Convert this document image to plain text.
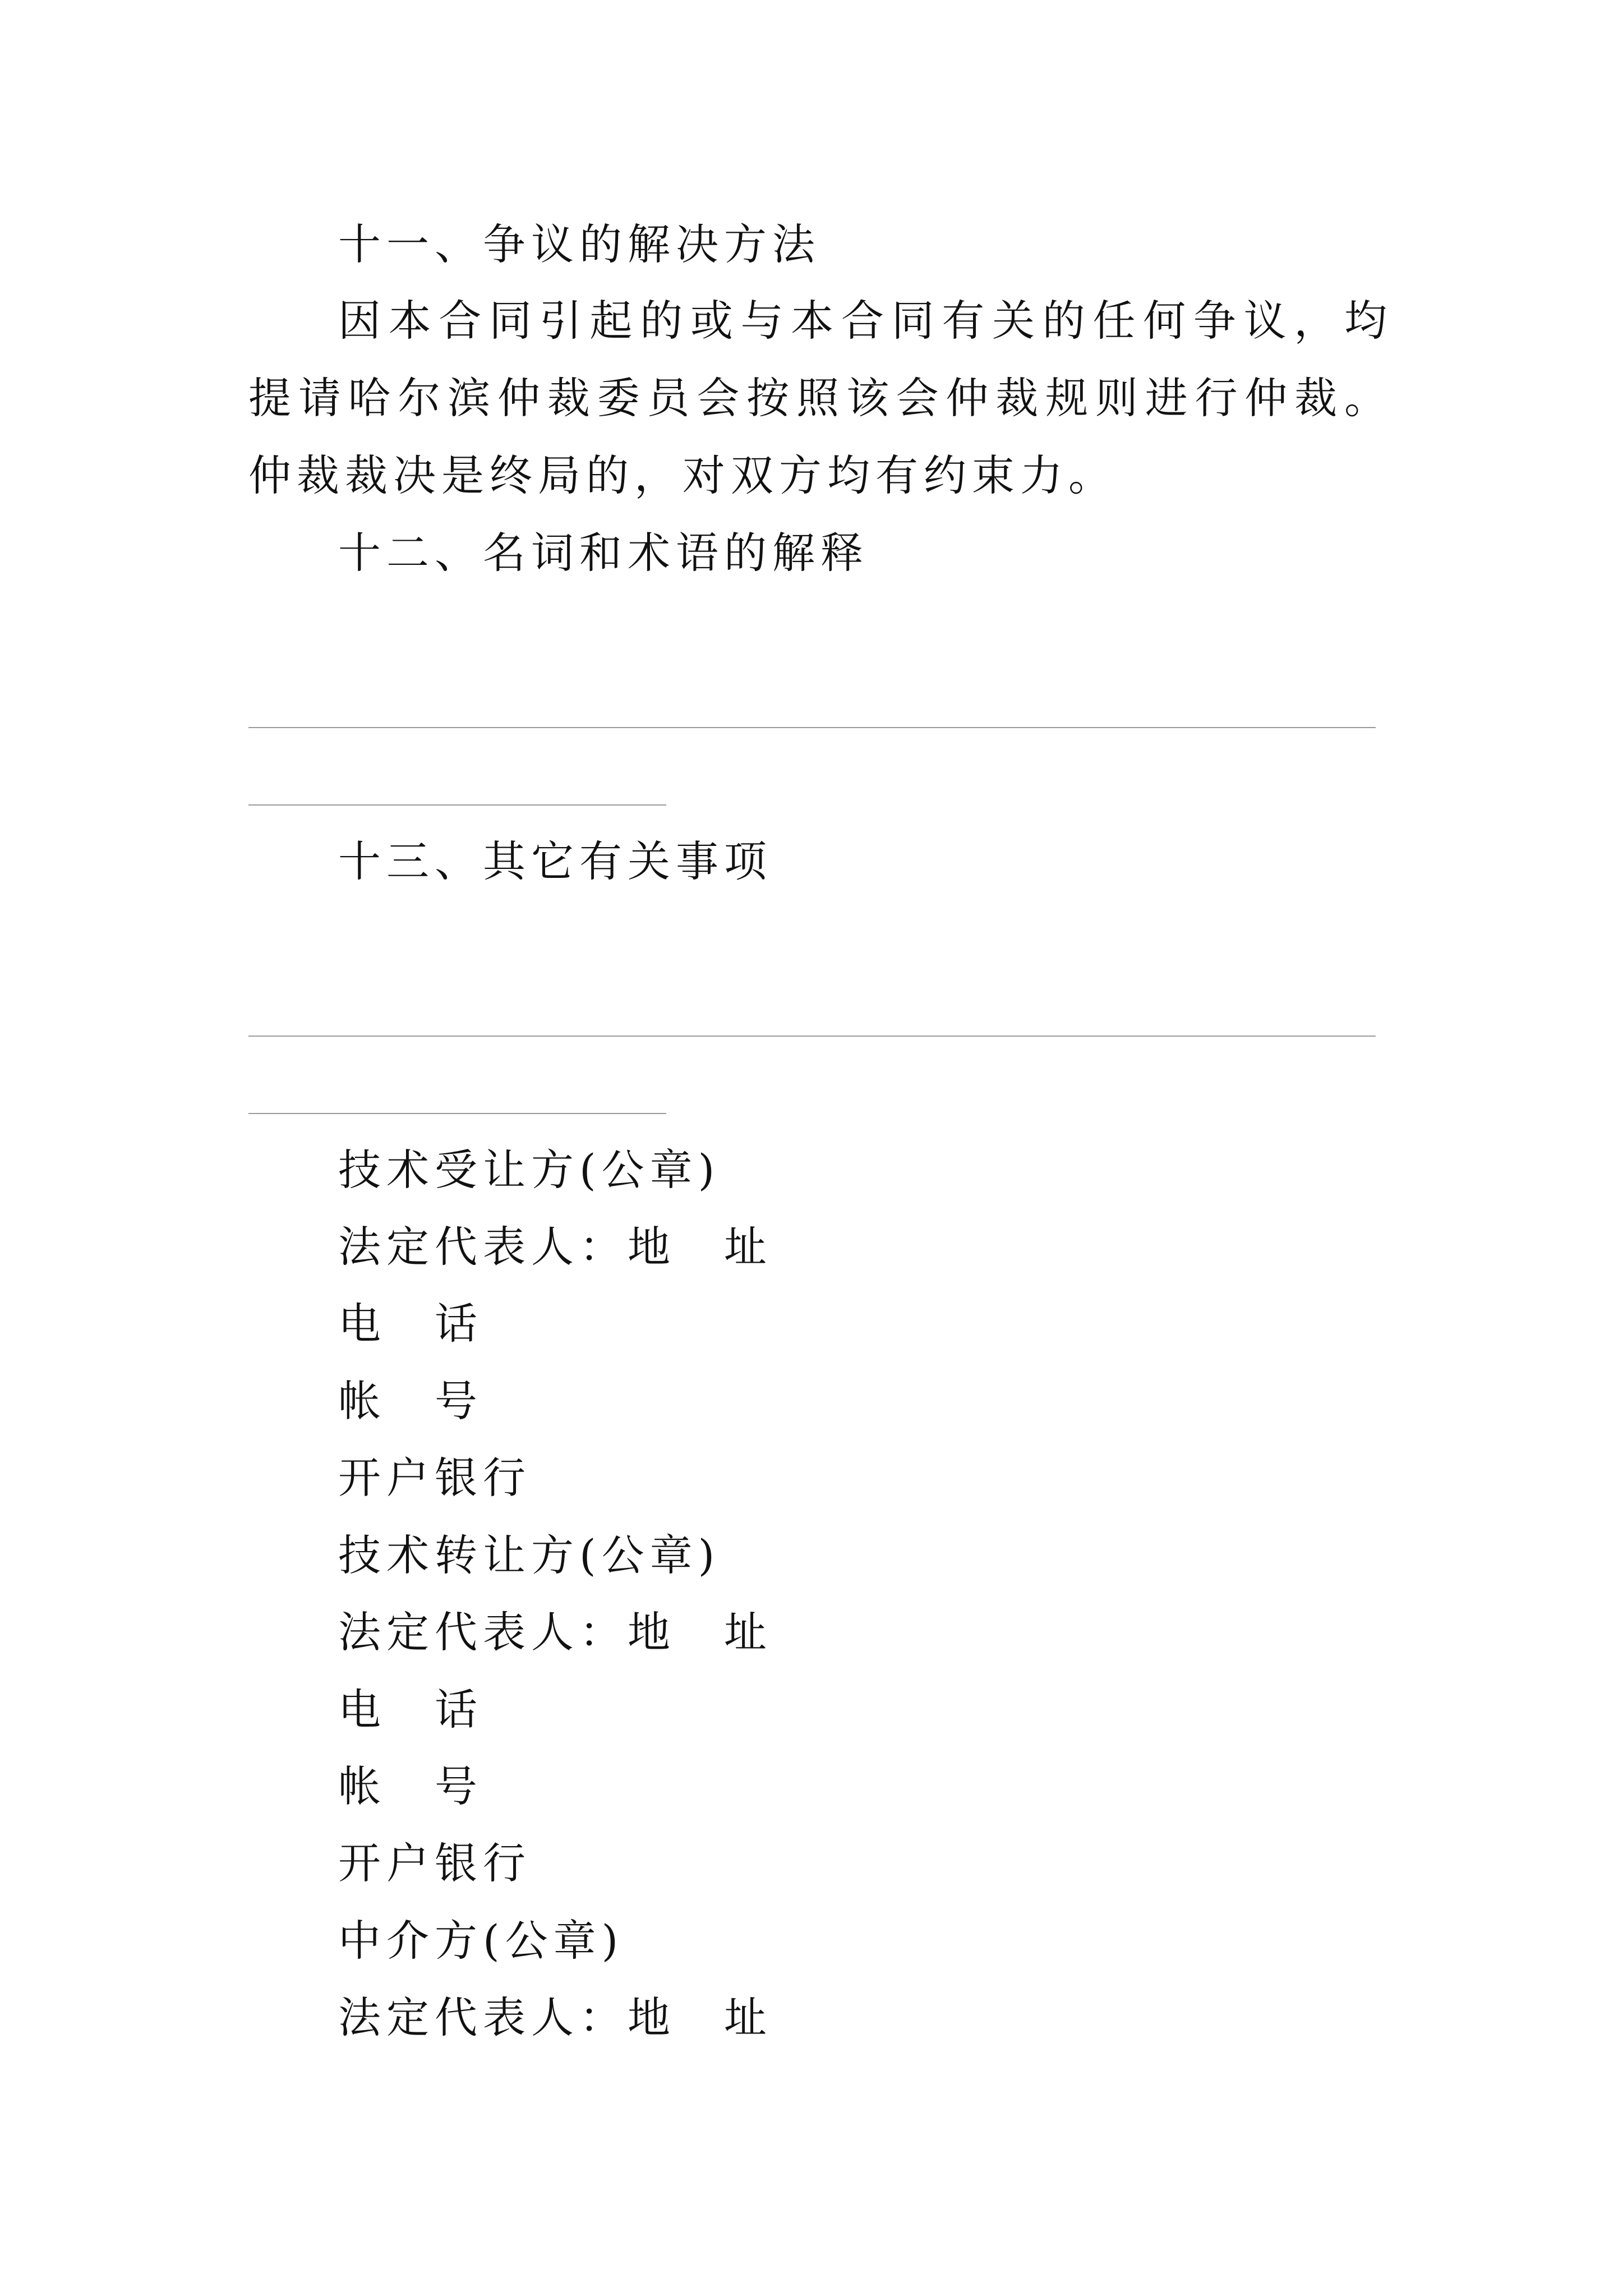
十一、争议的解决方法
因本合同引起的或与本合同有关的任何争议，均提请哈尔滨仲裁委员会按照该会仲裁规则进行仲裁。仲裁裁决是终局的，对双方均有约束力。
十二、名词和术语的解释
十三、其它有关事项
技术受让方(公章)
法定代表人：地　址
电　话
帐　号
开户银行
技术转让方(公章)
法定代表人：地　址
电　话
帐　号
开户银行
中介方(公章)
法定代表人：地　址
